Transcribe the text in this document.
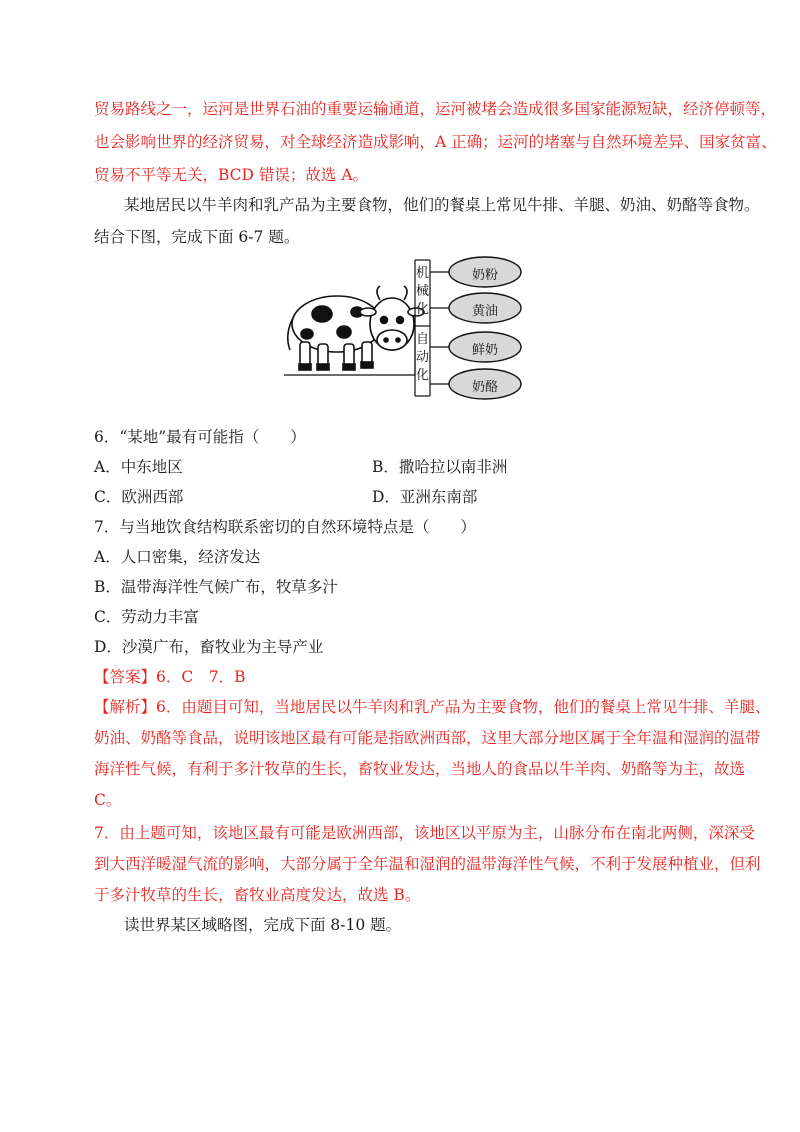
贸易路线之一，运河是世界石油的重要运输通道，运河被堵会造成很多国家能源短缺，经济停顿等，
也会影响世界的经济贸易，对全球经济造成影响，A 正确；运河的堵塞与自然环境差异、国家贫富、
贸易不平等无关，BCD 错误；故选 A。
某地居民以牛羊肉和乳产品为主要食物，他们的餐桌上常见牛排、羊腿、奶油、奶酪等食物。
结合下图，完成下面 6-7 题。
机
械
化
自
动
化
奶粉
黄油
鲜奶
奶酪
6．“某地”最有可能指（　　）
A．中东地区	B．撒哈拉以南非洲
C．欧洲西部	D．亚洲东南部
7．与当地饮食结构联系密切的自然环境特点是（　　）
A．人口密集，经济发达
B．温带海洋性气候广布，牧草多汁
C．劳动力丰富
D．沙漠广布，畜牧业为主导产业
【答案】6．C　7．B
【解析】6．由题目可知，当地居民以牛羊肉和乳产品为主要食物，他们的餐桌上常见牛排、羊腿、
奶油、奶酪等食品，说明该地区最有可能是指欧洲西部，这里大部分地区属于全年温和湿润的温带
海洋性气候，有利于多汁牧草的生长，畜牧业发达，当地人的食品以牛羊肉、奶酪等为主，故选
C。
7．由上题可知，该地区最有可能是欧洲西部，该地区以平原为主，山脉分布在南北两侧，深深受
到大西洋暖湿气流的影响，大部分属于全年温和湿润的温带海洋性气候，不利于发展种植业，但利
于多汁牧草的生长，畜牧业高度发达，故选 B。
读世界某区域略图，完成下面 8-10 题。
